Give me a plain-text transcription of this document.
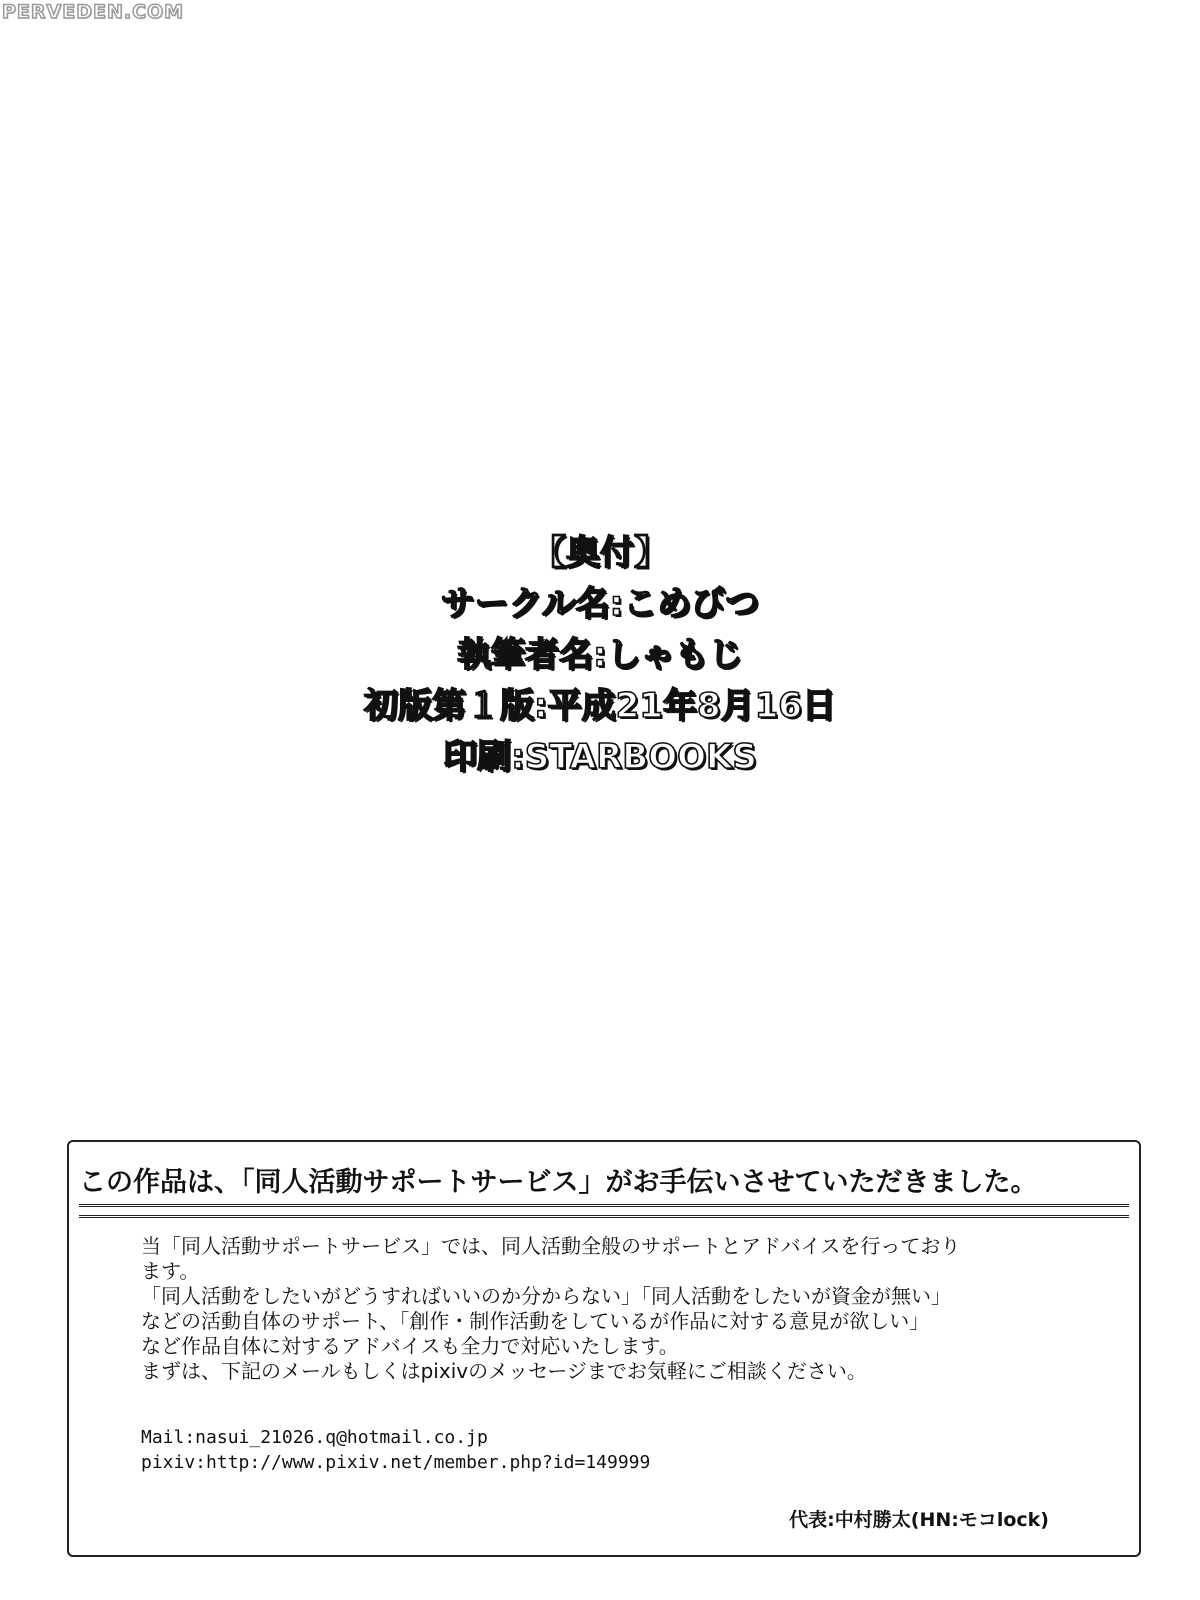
PERVEDEN.COM
【奥付】
サークル名:こめびつ
執筆者名:しゃもじ
初版第１版:平成21年8月16日
印刷:STARBOOKS
この作品は、「同人活動サポートサービス」がお手伝いさせていただきました。
当「同人活動サポートサービス」では、同人活動全般のサポートとアドバイスを行っており
ます。
「同人活動をしたいがどうすればいいのか分からない」「同人活動をしたいが資金が無い」
などの活動自体のサポート、「創作・制作活動をしているが作品に対する意見が欲しい」
など作品自体に対するアドバイスも全力で対応いたします。
まずは、下記のメールもしくはpixivのメッセージまでお気軽にご相談ください。
Mail:nasui_21026.q@hotmail.co.jp
pixiv:http://www.pixiv.net/member.php?id=149999
代表:中村勝太(HN:モコlock)
